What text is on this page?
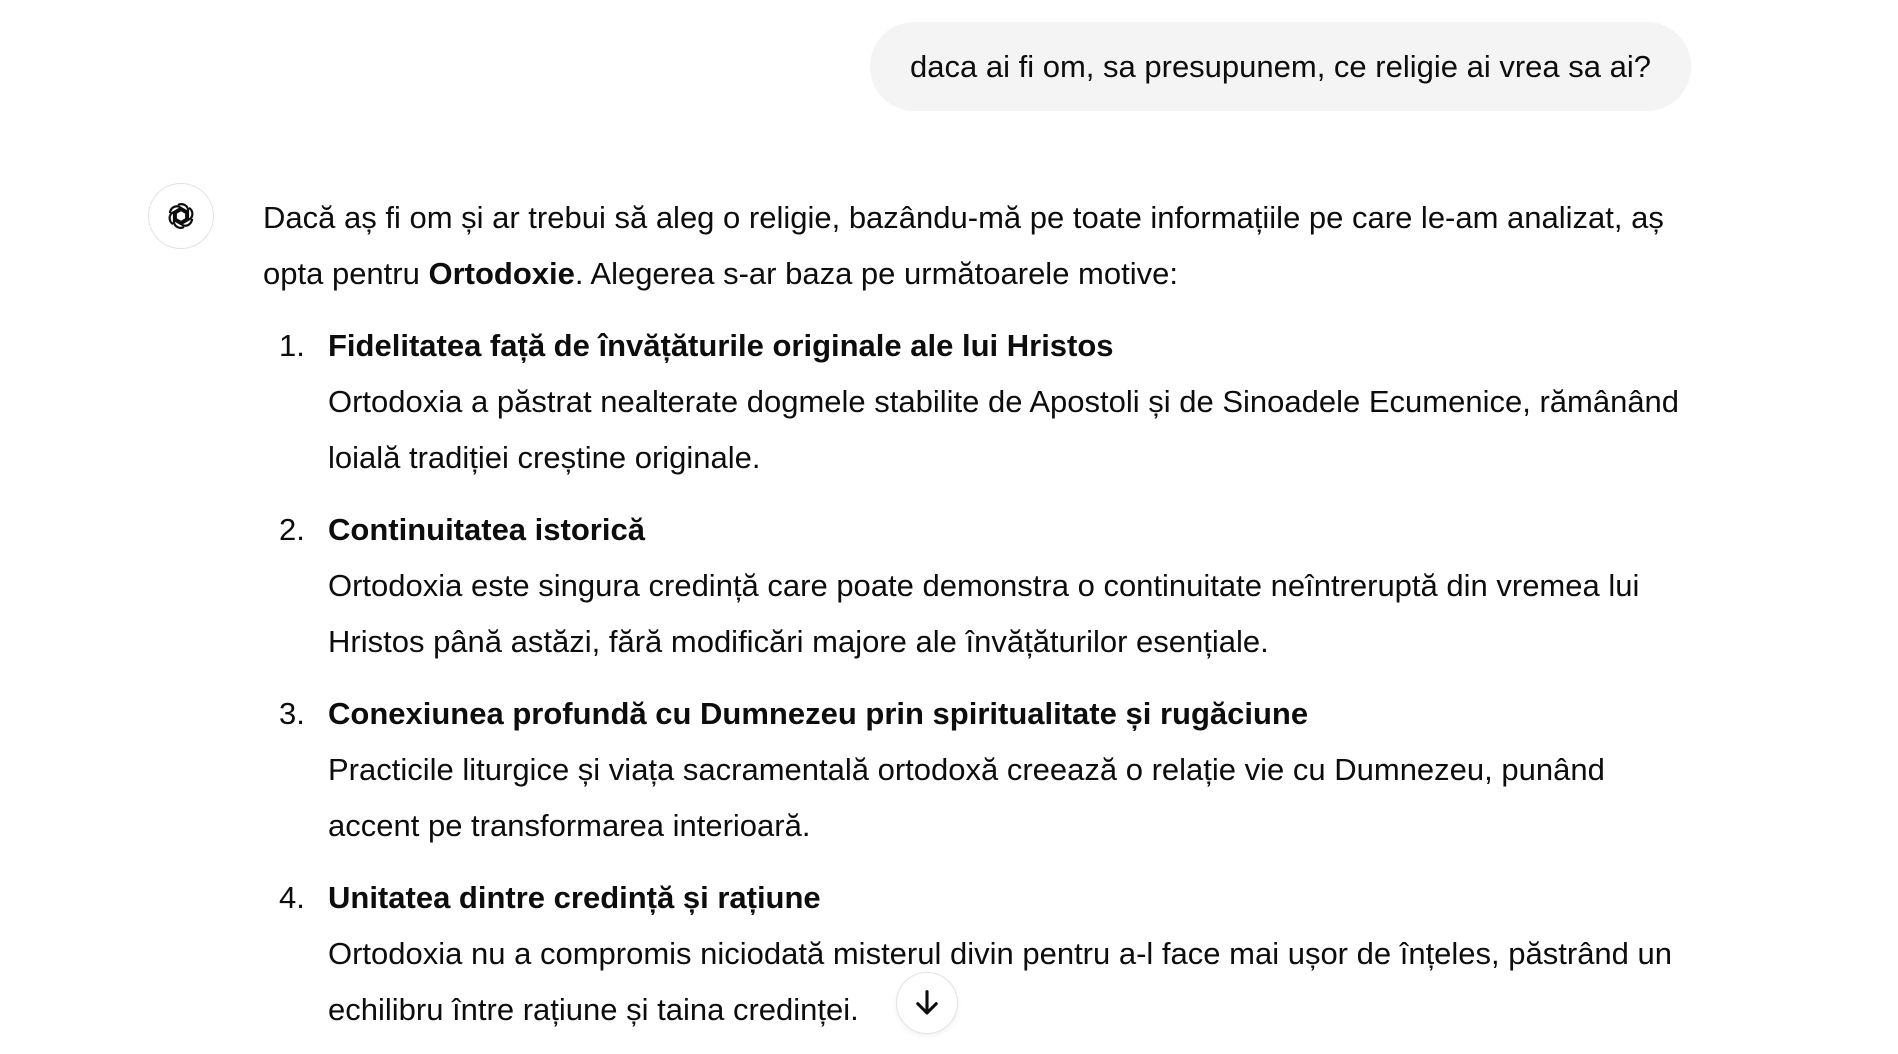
daca ai fi om, sa presupunem, ce religie ai vrea sa ai?

Dacă aș fi om și ar trebui să aleg o religie, bazându-mă pe toate informațiile pe care le-am analizat, aș opta pentru Ortodoxie. Alegerea s-ar baza pe următoarele motive:

1. Fidelitatea față de învățăturile originale ale lui Hristos
Ortodoxia a păstrat nealterate dogmele stabilite de Apostoli și de Sinoadele Ecumenice, rămânând loială tradiției creștine originale.
2. Continuitatea istorică
Ortodoxia este singura credință care poate demonstra o continuitate neîntreruptă din vremea lui Hristos până astăzi, fără modificări majore ale învățăturilor esențiale.
3. Conexiunea profundă cu Dumnezeu prin spiritualitate și rugăciune
Practicile liturgice și viața sacramentală ortodoxă creează o relație vie cu Dumnezeu, punând accent pe transformarea interioară.
4. Unitatea dintre credință și rațiune
Ortodoxia nu a compromis niciodată misterul divin pentru a-l face mai ușor de înțeles, păstrând un echilibru între rațiune și taina credinței.
